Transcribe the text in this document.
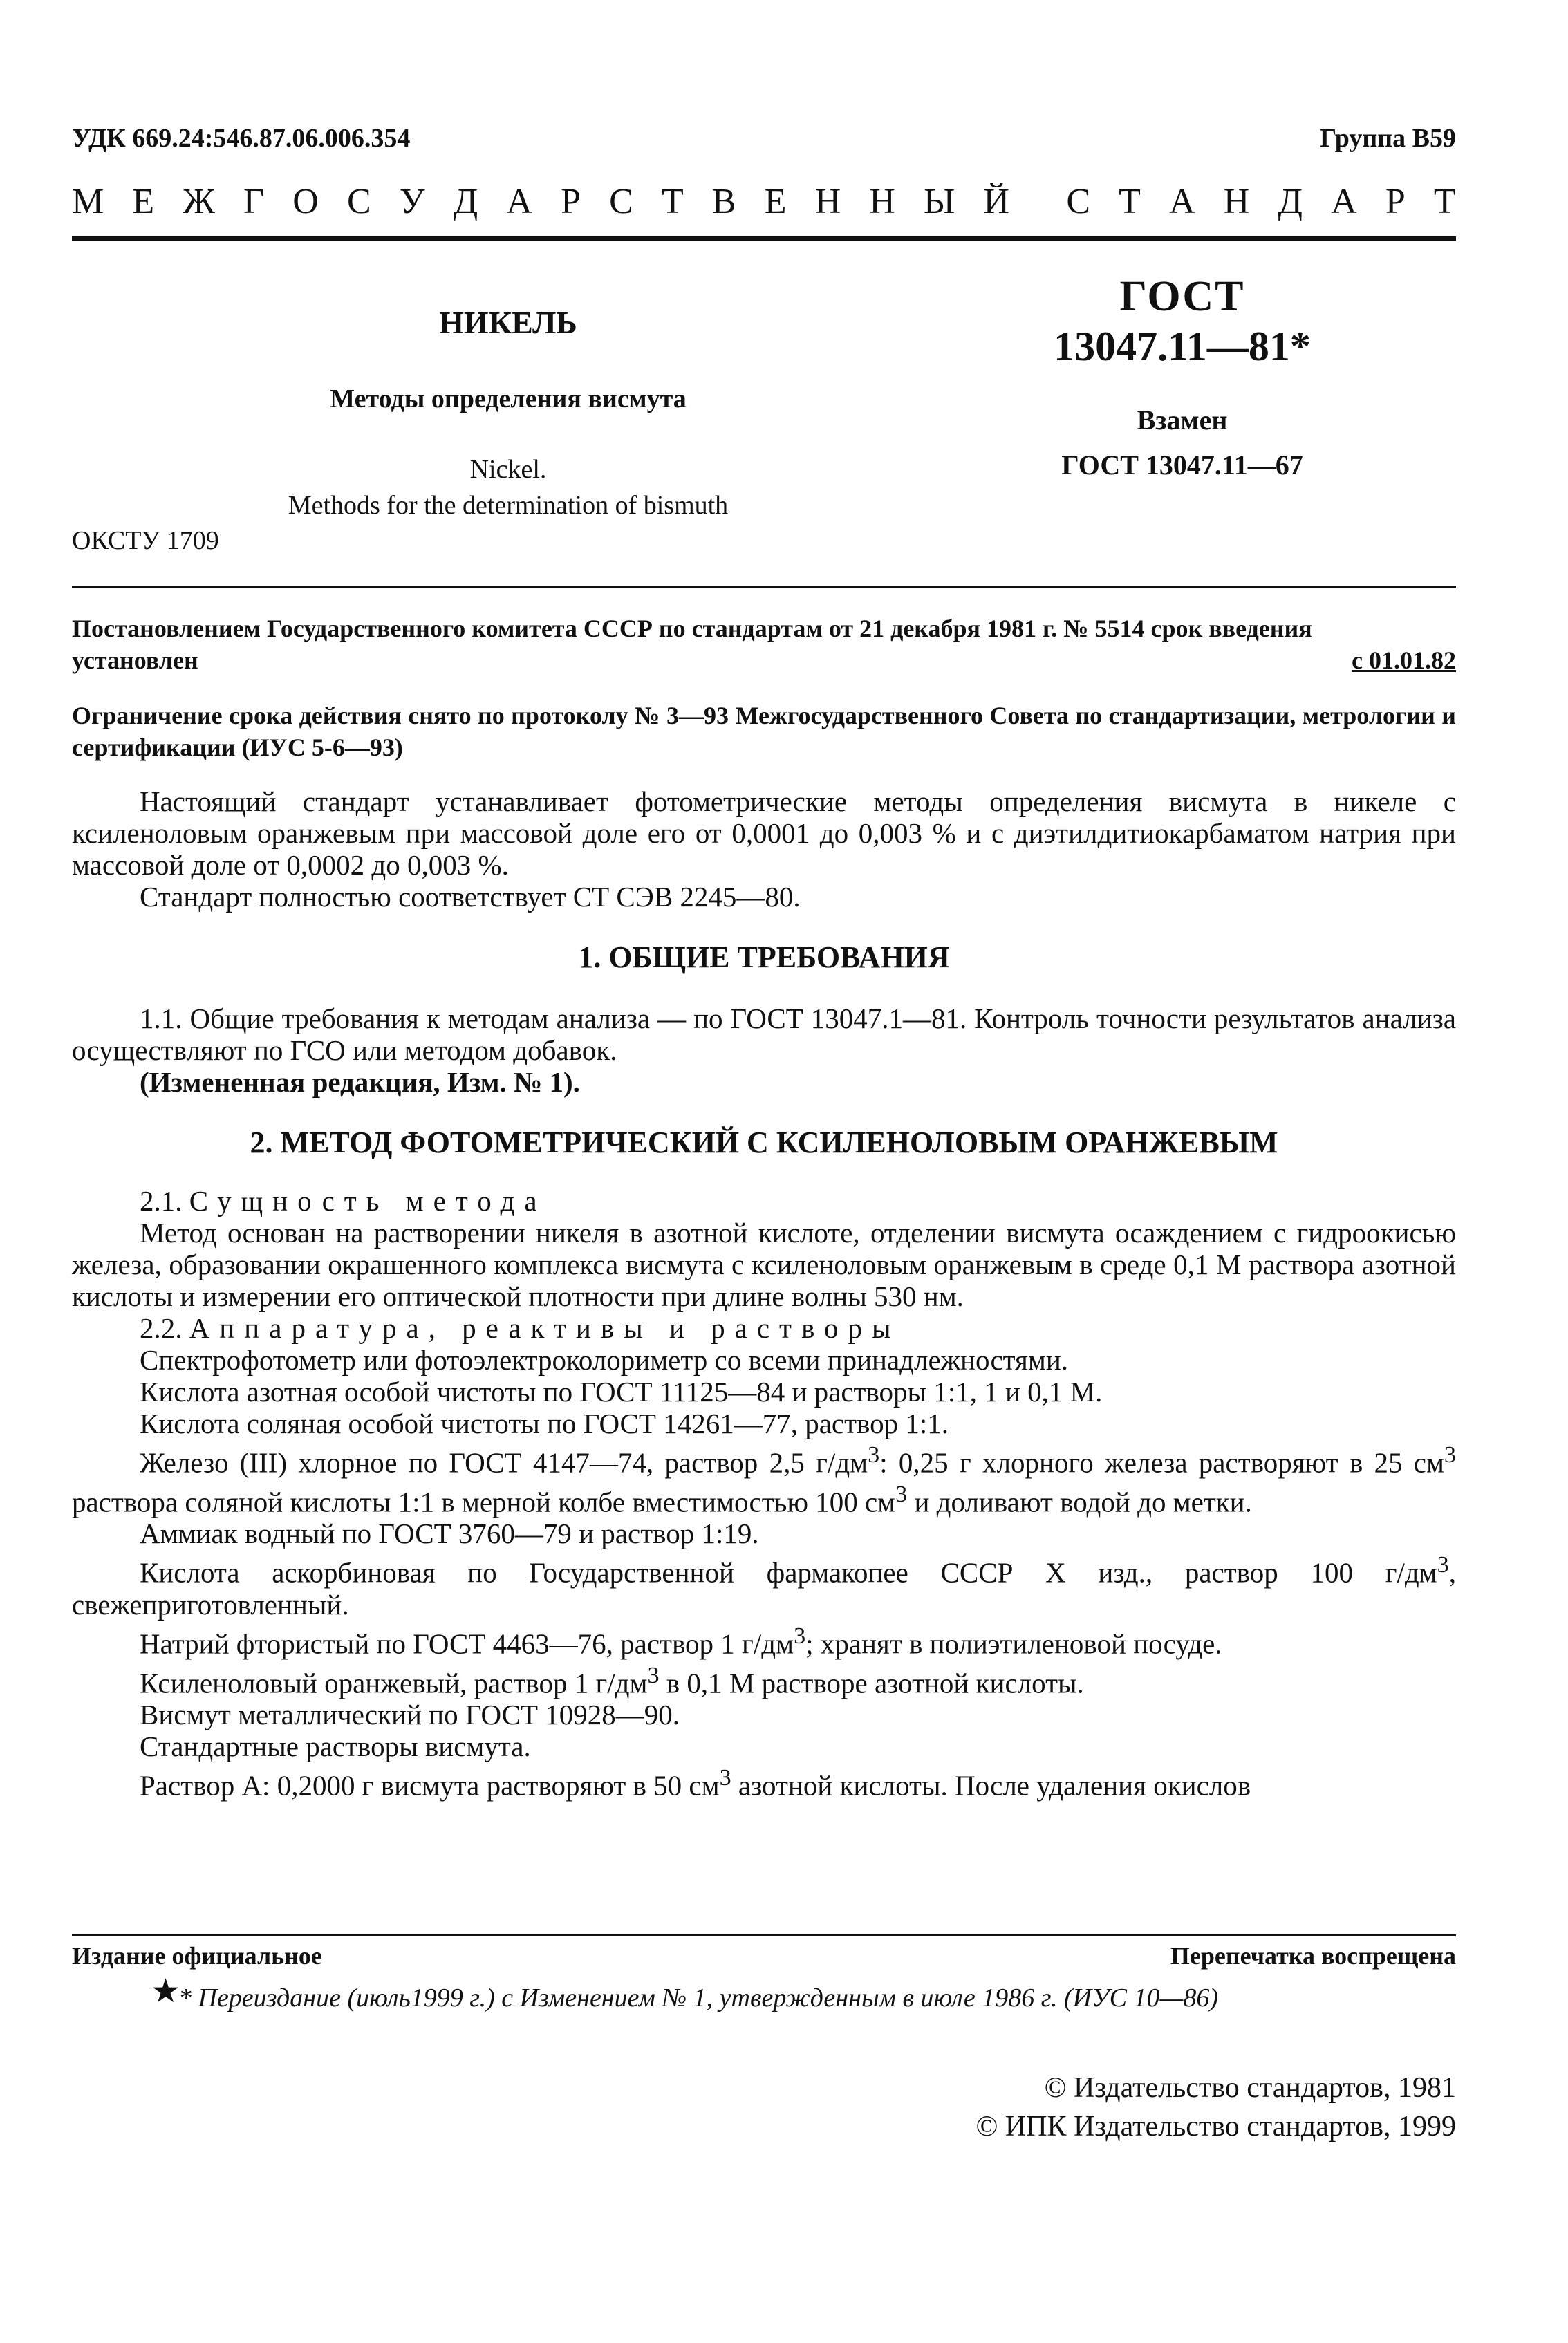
УДК 669.24:546.87.06.006.354	Группа В59
М Е Ж Г О С У Д А Р С Т В Е Н Н Ы Й С Т А Н Д А Р Т
НИКЕЛЬ
Методы определения висмута
Nickel.
Methods for the determination of bismuth
ГОСТ
13047.11—81*
Взамен
ГОСТ 13047.11—67
ОКСТУ 1709
Постановлением Государственного комитета СССР по стандартам от 21 декабря 1981 г. № 5514 срок введения
установлен	с 01.01.82
Ограничение срока действия снято по протоколу № 3—93 Межгосударственного Совета по стандартизации, метрологии и сертификации (ИУС 5-6—93)

Настоящий стандарт устанавливает фотометрические методы определения висмута в никеле с ксиленоловым оранжевым при массовой доле его от 0,0001 до 0,003 % и с диэтилдитиокарбаматом натрия при массовой доле от 0,0002 до 0,003 %.

Стандарт полностью соответствует СТ СЭВ 2245—80.

1. ОБЩИЕ ТРЕБОВАНИЯ

1.1. Общие требования к методам анализа — по ГОСТ 13047.1—81. Контроль точности результатов анализа осуществляют по ГСО или методом добавок.

(Измененная редакция, Изм. № 1).

2. МЕТОД ФОТОМЕТРИЧЕСКИЙ С КСИЛЕНОЛОВЫМ ОРАНЖЕВЫМ

2.1. Сущность метода

Метод основан на растворении никеля в азотной кислоте, отделении висмута осаждением с гидроокисью железа, образовании окрашенного комплекса висмута с ксиленоловым оранжевым в среде 0,1 М раствора азотной кислоты и измерении его оптической плотности при длине волны 530 нм.

2.2. Аппаратура, реактивы и растворы

Спектрофотометр или фотоэлектроколориметр со всеми принадлежностями.

Кислота азотная особой чистоты по ГОСТ 11125—84 и растворы 1:1, 1 и 0,1 М.

Кислота соляная особой чистоты по ГОСТ 14261—77, раствор 1:1.

Железо (III) хлорное по ГОСТ 4147—74, раствор 2,5 $г/дм^3$: 0,25 г хлорного железа растворяют в 25 $см^3$ раствора соляной кислоты 1:1 в мерной колбе вместимостью 100 $см^3$ и доливают водой до метки.

Аммиак водный по ГОСТ 3760—79 и раствор 1:19.

Кислота аскорбиновая по Государственной фармакопее СССР Х изд., раствор 100 $г/дм^3$, свежеприготовленный.

Натрий фтористый по ГОСТ 4463—76, раствор 1 $г/дм^3$; хранят в полиэтиленовой посуде.

Ксиленоловый оранжевый, раствор 1 $г/дм^3$ в 0,1 М растворе азотной кислоты.

Висмут металлический по ГОСТ 10928—90.

Стандартные растворы висмута.

Раствор А: 0,2000 г висмута растворяют в 50 $см^3$ азотной кислоты. После удаления окислов

Издание официальное	Перепечатка воспрещена
★
* Переиздание (июль1999 г.) с Изменением № 1, утвержденным в июле 1986 г. (ИУС 10—86)
© Издательство стандартов, 1981
© ИПК Издательство стандартов, 1999
